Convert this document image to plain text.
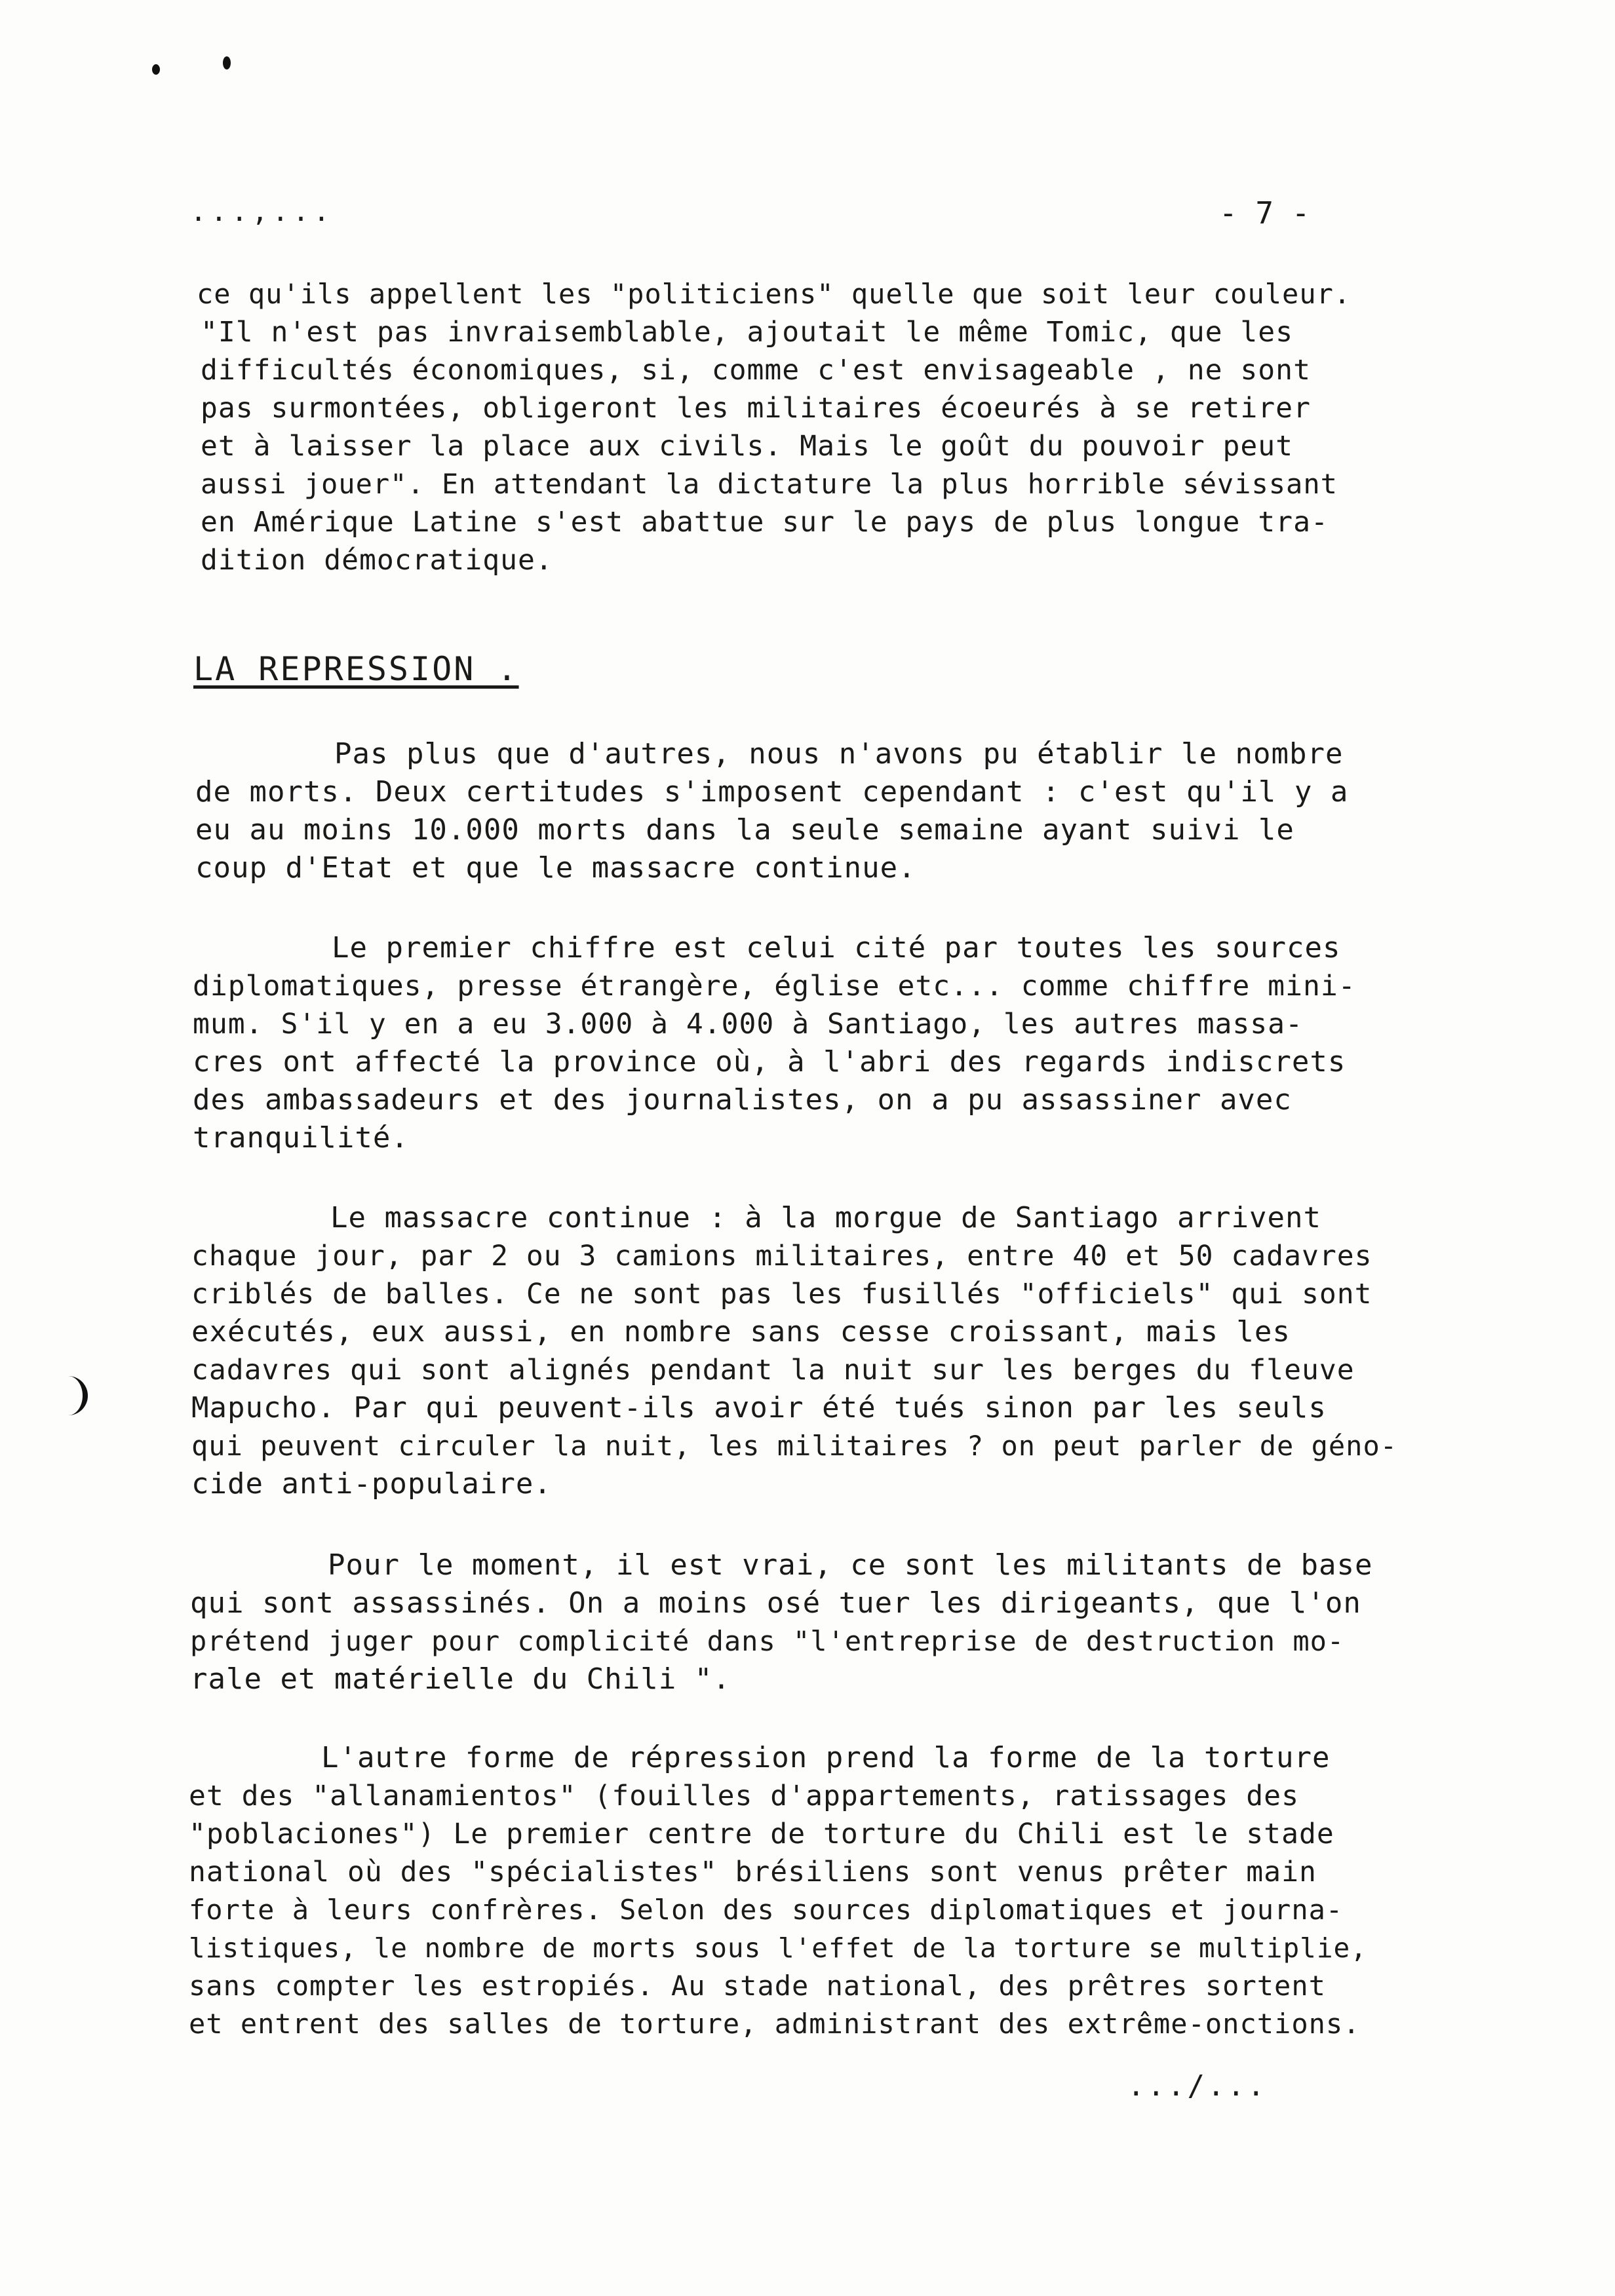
...,...	- 7 -
ce qu'ils appellent les "politiciens" quelle que soit leur couleur.
"Il n'est pas invraisemblable, ajoutait le même Tomic, que les
difficultés économiques, si, comme c'est envisageable , ne sont
pas surmontées, obligeront les militaires écoeurés à se retirer
et à laisser la place aux civils. Mais le goût du pouvoir peut
aussi jouer". En attendant la dictature la plus horrible sévissant
en Amérique Latine s'est abattue sur le pays de plus longue tra-
dition démocratique.
LA REPRESSION .
Pas plus que d'autres, nous n'avons pu établir le nombre
de morts. Deux certitudes s'imposent cependant : c'est qu'il y a
eu au moins 10.000 morts dans la seule semaine ayant suivi le
coup d'Etat et que le massacre continue.
Le premier chiffre est celui cité par toutes les sources
diplomatiques, presse étrangère, église etc... comme chiffre mini-
mum. S'il y en a eu 3.000 à 4.000 à Santiago, les autres massa-
cres ont affecté la province où, à l'abri des regards indiscrets
des ambassadeurs et des journalistes, on a pu assassiner avec
tranquilité.
Le massacre continue : à la morgue de Santiago arrivent
chaque jour, par 2 ou 3 camions militaires, entre 40 et 50 cadavres
criblés de balles. Ce ne sont pas les fusillés "officiels" qui sont
exécutés, eux aussi, en nombre sans cesse croissant, mais les
cadavres qui sont alignés pendant la nuit sur les berges du fleuve
Mapucho. Par qui peuvent-ils avoir été tués sinon par les seuls
qui peuvent circuler la nuit, les militaires ? on peut parler de géno-
cide anti-populaire.
Pour le moment, il est vrai, ce sont les militants de base
qui sont assassinés. On a moins osé tuer les dirigeants, que l'on
prétend juger pour complicité dans "l'entreprise de destruction mo-
rale et matérielle du Chili ".
L'autre forme de répression prend la forme de la torture
et des "allanamientos" (fouilles d'appartements, ratissages des
"poblaciones") Le premier centre de torture du Chili est le stade
national où des "spécialistes" brésiliens sont venus prêter main
forte à leurs confrères. Selon des sources diplomatiques et journa-
listiques, le nombre de morts sous l'effet de la torture se multiplie,
sans compter les estropiés. Au stade national, des prêtres sortent
et entrent des salles de torture, administrant des extrême-onctions.
.../...
